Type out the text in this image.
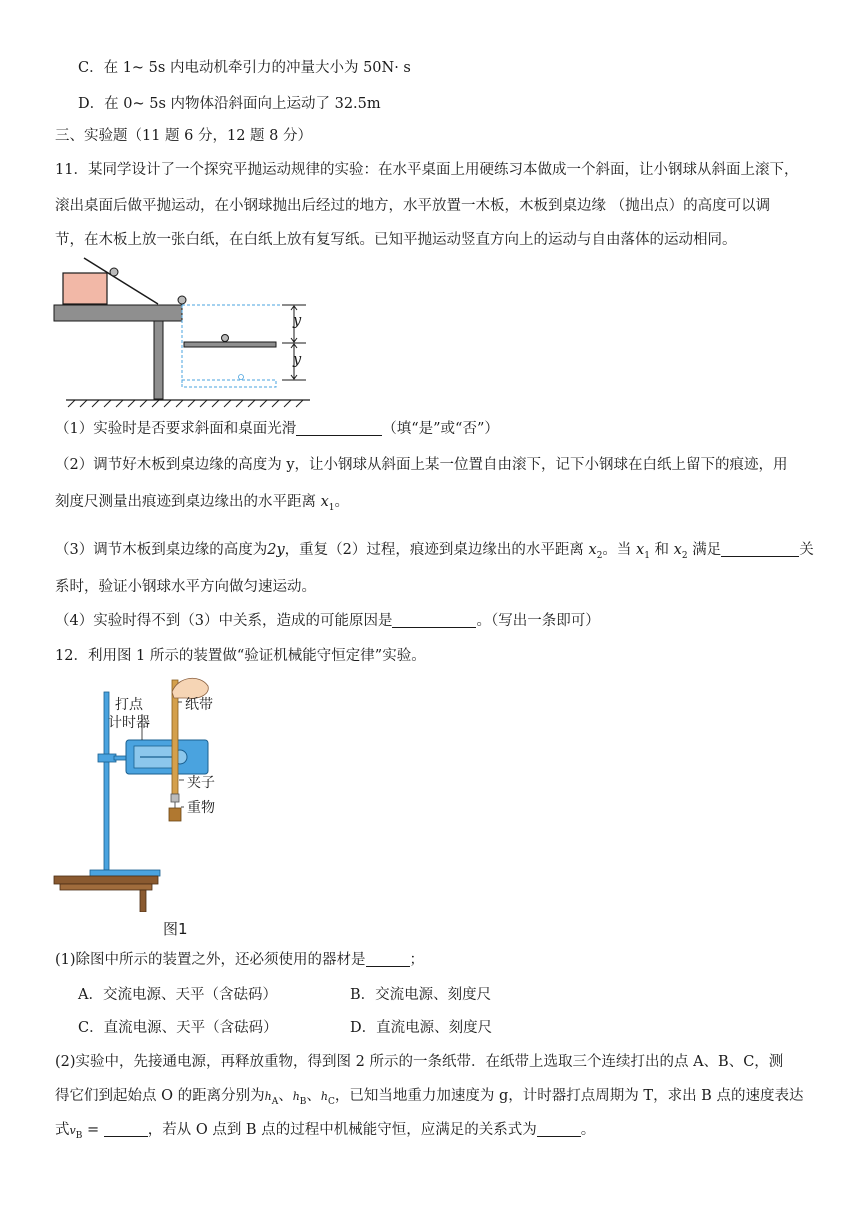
C．在 1~ 5s 内电动机牵引力的冲量大小为 50N· s
D．在 0~ 5s 内物体沿斜面向上运动了 32.5m
三、实验题（11 题 6 分，12 题 8 分）
11．某同学设计了一个探究平抛运动规律的实验：在水平桌面上用硬练习本做成一个斜面，让小钢球从斜面上滚下，
滚出桌面后做平抛运动，在小钢球抛出后经过的地方，水平放置一木板，木板到桌边缘 （抛出点）的高度可以调
节，在木板上放一张白纸，在白纸上放有复写纸。已知平抛运动竖直方向上的运动与自由落体的运动相同。
y
y
（1）实验时是否要求斜面和桌面光滑	（填“是”或“否”）
（2）调节好木板到桌边缘的高度为 y，让小钢球从斜面上某一位置自由滚下，记下小钢球在白纸上留下的痕迹，用
刻度尺测量出痕迹到桌边缘出的水平距离 $x_1$。
（3）调节木板到桌边缘的高度为2y，重复（2）过程，痕迹到桌边缘出的水平距离 $x_2$。当 $x_1$ 和 $x_2$ 满足	关
系时，验证小钢球水平方向做匀速运动。
（4）实验时得不到（3）中关系，造成的可能原因是	。（写出一条即可）
12．利用图 1 所示的装置做“验证机械能守恒定律”实验。
打点
计时器
纸带
夹子
重物
图1
(1)除图中所示的装置之外，还必须使用的器材是	；
A．交流电源、天平（含砝码）	B．交流电源、刻度尺
C．直流电源、天平（含砝码）	D．直流电源、刻度尺
(2)实验中，先接通电源，再释放重物，得到图 2 所示的一条纸带．在纸带上选取三个连续打出的点 A、B、C，测
得它们到起始点 O 的距离分别为$h_A$、$h_B$、$h_C$，已知当地重力加速度为 g，计时器打点周期为 T，求出 B 点的速度表达
式$v_B$ =	，若从 O 点到 B 点的过程中机械能守恒，应满足的关系式为	。
